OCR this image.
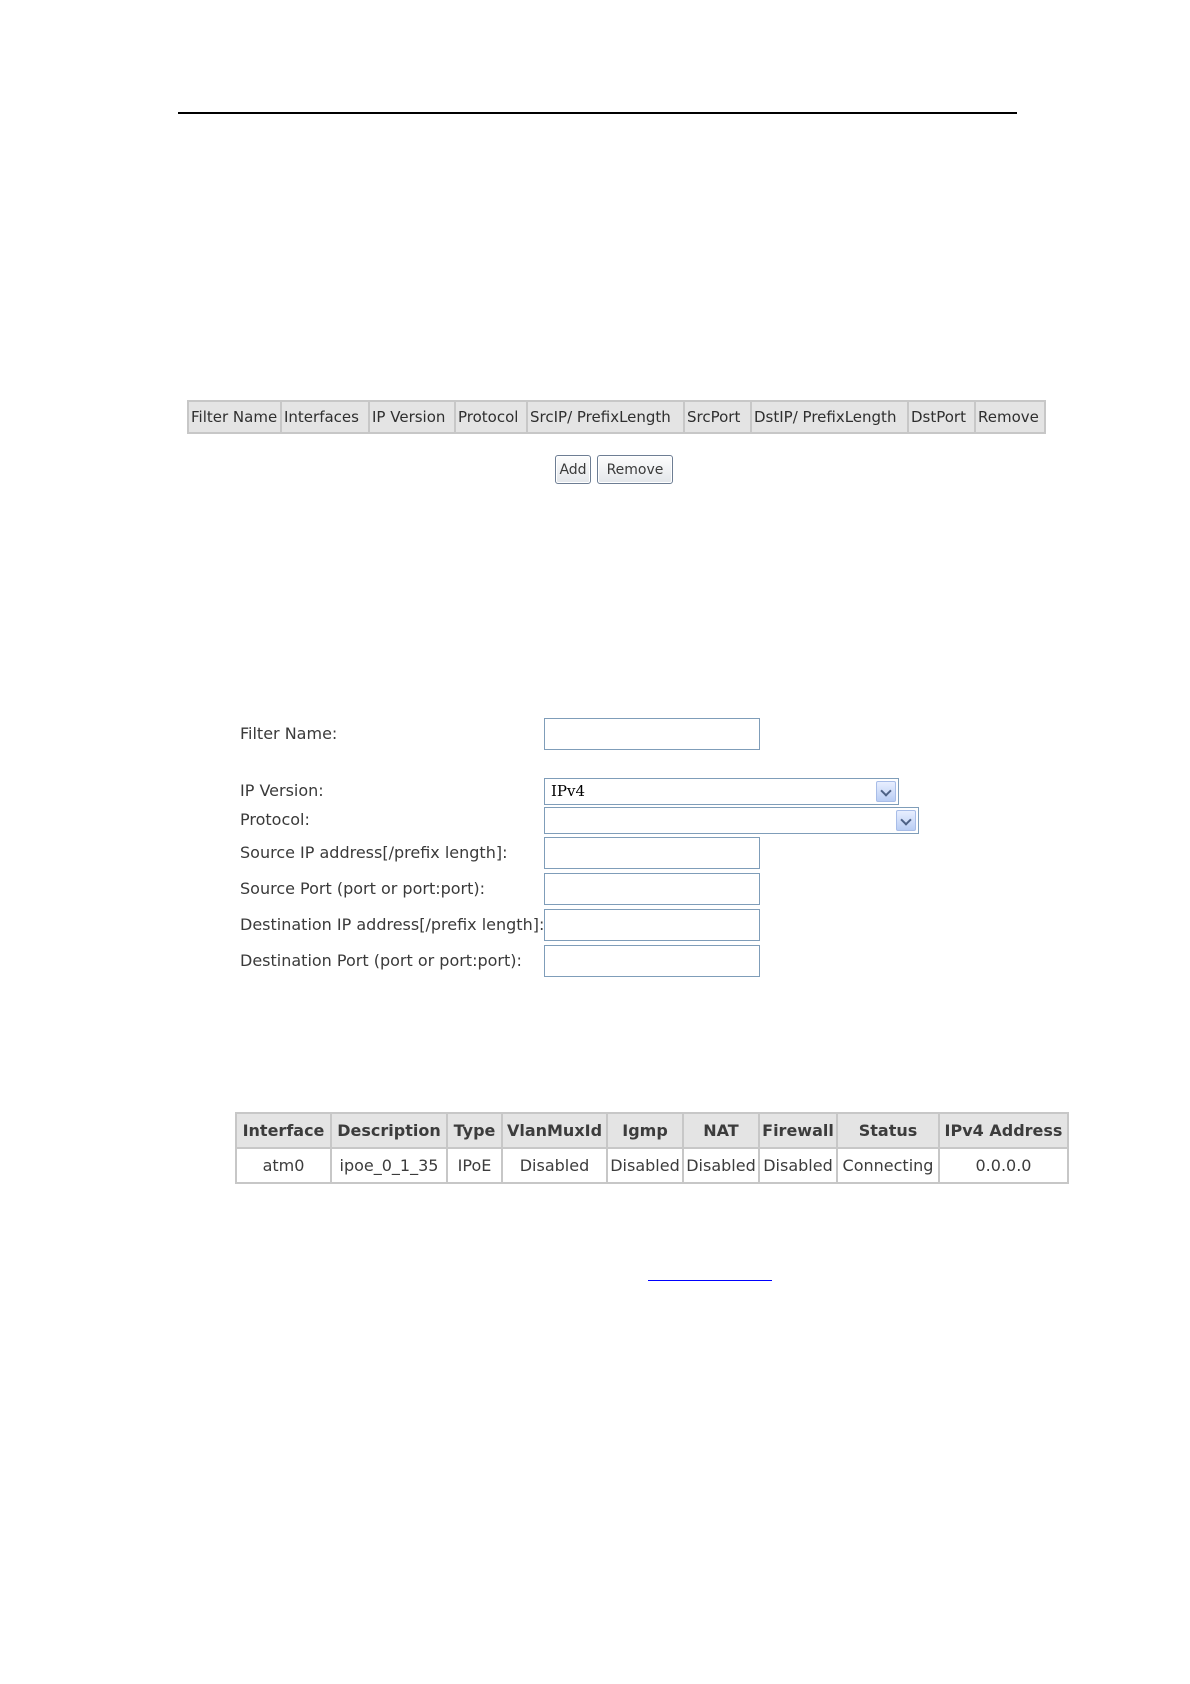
Filter Name	Interfaces	IP Version	Protocol	SrcIP/ PrefixLength	SrcPort	DstIP/ PrefixLength	DstPort	Remove
Add	Remove
Filter Name:
IP Version:	IPv4
Protocol:
Source IP address[/prefix length]:
Source Port (port or port:port):
Destination IP address[/prefix length]:
Destination Port (port or port:port):
Interface	Description	Type	VlanMuxId	Igmp	NAT	Firewall	Status	IPv4 Address
atm0	ipoe_0_1_35	IPoE	Disabled	Disabled	Disabled	Disabled	Connecting	0.0.0.0
